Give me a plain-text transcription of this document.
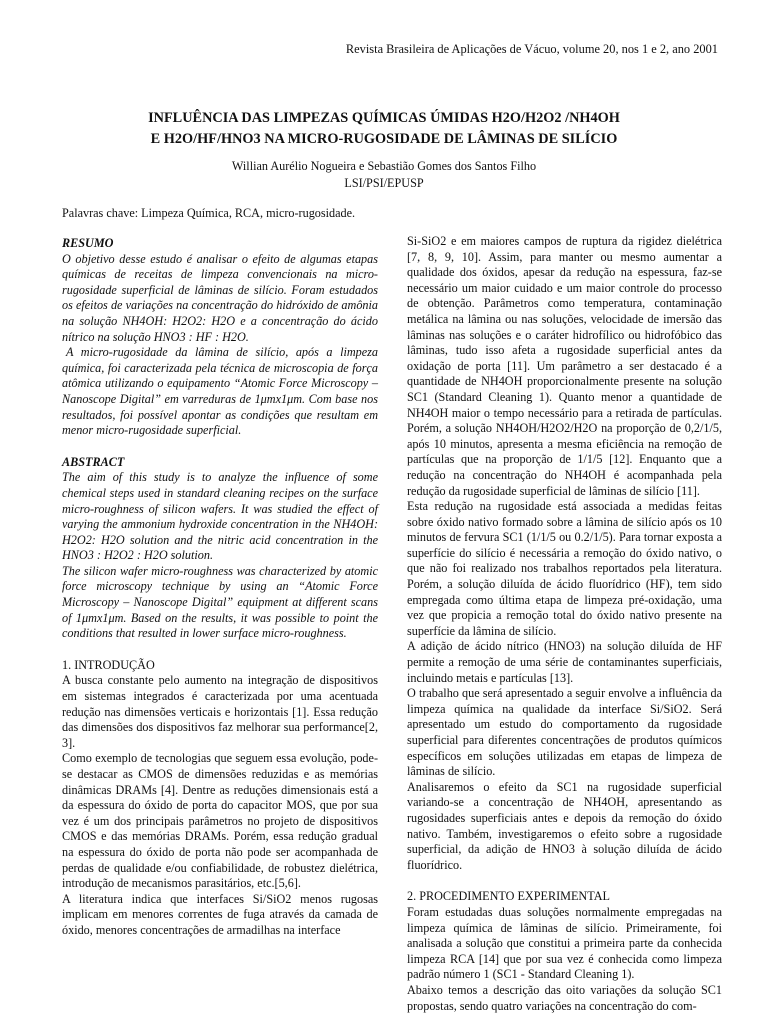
Revista Brasileira de Aplicações de Vácuo, volume 20, nos 1 e 2, ano 2001
INFLUÊNCIA DAS LIMPEZAS QUÍMICAS ÚMIDAS H2O/H2O2 /NH4OH
E H2O/HF/HNO3 NA MICRO-RUGOSIDADE DE LÂMINAS DE SILÍCIO
Willian Aurélio Nogueira e Sebastião Gomes dos Santos Filho
LSI/PSI/EPUSP
Palavras chave: Limpeza Química, RCA, micro-rugosidade.

RESUMO

O objetivo desse estudo é analisar o efeito de algumas etapas químicas de receitas de limpeza convencionais na micro-rugosidade superficial de lâminas de silício. Foram estudados os efeitos de variações na concentração do hidróxido de amônia na solução NH4OH: H2O2: H2O e a concentração do ácido nítrico na solução HNO3 : HF : H2O.

A micro-rugosidade da lâmina de silício, após a limpeza química, foi caracterizada pela técnica de microscopia de força atômica utilizando o equipamento “Atomic Force Microscopy – Nanoscope Digital” em varreduras de 1μmx1μm. Com base nos resultados, foi possível apontar as condições que resultam em menor micro-rugosidade superficial.

ABSTRACT

The aim of this study is to analyze the influence of some chemical steps used in standard cleaning recipes on the surface micro-roughness of silicon wafers. It was studied the effect of varying the ammonium hydroxide concentration in the NH4OH: H2O2: H2O solution and the nitric acid concentration in the HNO3 : H2O2 : H2O solution.

The silicon wafer micro-roughness was characterized by atomic force microscopy technique by using an “Atomic Force Microscopy – Nanoscope Digital” equipment at different scans of 1μmx1μm. Based on the results, it was possible to point the conditions that resulted in lower surface micro-roughness.

1. INTRODUÇÃO

A busca constante pelo aumento na integração de dispositivos em sistemas integrados é caracterizada por uma acentuada redução nas dimensões verticais e horizontais [1]. Essa redução das dimensões dos dispositivos faz melhorar sua performance[2, 3].

Como exemplo de tecnologias que seguem essa evolução, pode-se destacar as CMOS de dimensões reduzidas e as memórias dinâmicas DRAMs [4]. Dentre as reduções dimensionais está a da espessura do óxido de porta do capacitor MOS, que por sua vez é um dos principais parâmetros no projeto de dispositivos CMOS e das memórias DRAMs. Porém, essa redução gradual na espessura do óxido de porta não pode ser acompanhada de perdas de qualidade e/ou confiabilidade, de robustez dielétrica, introdução de mecanismos parasitários, etc.[5,6].

A literatura indica que interfaces Si/SiO2 menos rugosas implicam em menores correntes de fuga através da camada de óxido, menores concentrações de armadilhas na interface

Si-SiO2 e em maiores campos de ruptura da rigidez dielétrica [7, 8, 9, 10]. Assim, para manter ou mesmo aumentar a qualidade dos óxidos, apesar da redução na espessura, faz-se necessário um maior cuidado e um maior controle do processo de obtenção. Parâmetros como temperatura, contaminação metálica na lâmina ou nas soluções, velocidade de imersão das lâminas nas soluções e o caráter hidrofílico ou hidrofóbico das lâminas, tudo isso afeta a rugosidade superficial antes da oxidação de porta [11]. Um parâmetro a ser destacado é a quantidade de NH4OH proporcionalmente presente na solução SC1 (Standard Cleaning 1). Quanto menor a quantidade de NH4OH maior o tempo necessário para a retirada de partículas. Porém, a solução NH4OH/H2O2/H2O na proporção de 0,2/1/5, após 10 minutos, apresenta a mesma eficiência na remoção de partículas que na proporção de 1/1/5 [12]. Enquanto que a redução na concentração do NH4OH é acompanhada pela redução da rugosidade superficial de lâminas de silício [11].

Esta redução na rugosidade está associada a medidas feitas sobre óxido nativo formado sobre a lâmina de silício após os 10 minutos de fervura SC1 (1/1/5 ou 0.2/1/5). Para tornar exposta a superfície do silício é necessária a remoção do óxido nativo, o que não foi realizado nos trabalhos reportados pela literatura. Porém, a solução diluída de ácido fluorídrico (HF), tem sido empregada como última etapa de limpeza pré-oxidação, uma vez que propicia a remoção total do óxido nativo presente na superfície da lâmina de silício.

A adição de ácido nítrico (HNO3) na solução diluída de HF permite a remoção de uma série de contaminantes superficiais, incluindo metais e partículas [13].

O trabalho que será apresentado a seguir envolve a influência da limpeza química na qualidade da interface Si/SiO2. Será apresentado um estudo do comportamento da rugosidade superficial para diferentes concentrações de produtos químicos específicos em soluções utilizadas em etapas de limpeza de lâminas de silício.

Analisaremos o efeito da SC1 na rugosidade superficial variando-se a concentração de NH4OH, apresentando as rugosidades superficiais antes e depois da remoção do óxido nativo. Também, investigaremos o efeito sobre a rugosidade superficial, da adição de HNO3 à solução diluída de ácido fluorídrico.

2. PROCEDIMENTO EXPERIMENTAL

Foram estudadas duas soluções normalmente empregadas na limpeza química de lâminas de silício. Primeiramente, foi analisada a solução que constitui a primeira parte da conhecida limpeza RCA [14] que por sua vez é conhecida como limpeza padrão número 1 (SC1 - Standard Cleaning 1).

Abaixo temos a descrição das oito variações da solução SC1 propostas, sendo quatro variações na concentração do com-
